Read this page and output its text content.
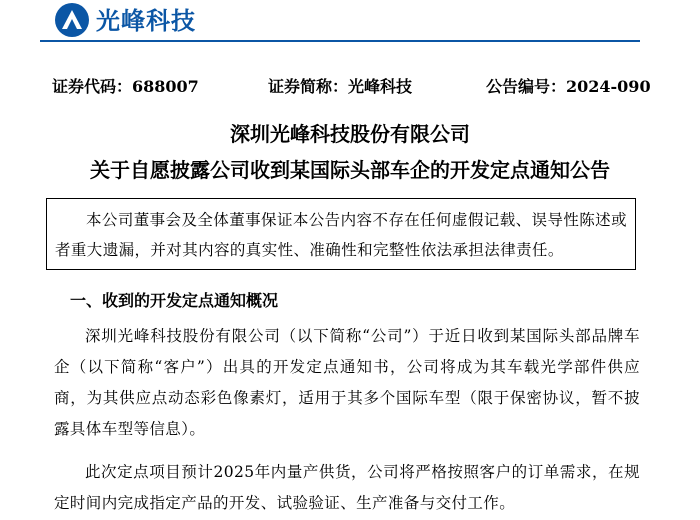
光峰科技
证券代码：688007	证券简称：光峰科技	公告编号：2024-090
深圳光峰科技股份有限公司
关于自愿披露公司收到某国际头部车企的开发定点通知公告

本公司董事会及全体董事保证本公告内容不存在任何虚假记载、误导性陈述或者重大遗漏，并对其内容的真实性、准确性和完整性依法承担法律责任。

一、收到的开发定点通知概况

深圳光峰科技股份有限公司（以下简称“公司”）于近日收到某国际头部品牌车企（以下简称“客户”）出具的开发定点通知书，公司将成为其车载光学部件供应商，为其供应点动态彩色像素灯，适用于其多个国际车型（限于保密协议，暂不披露具体车型等信息）。

此次定点项目预计2025年内量产供货，公司将严格按照客户的订单需求，在规定时间内完成指定产品的开发、试验验证、生产准备与交付工作。
